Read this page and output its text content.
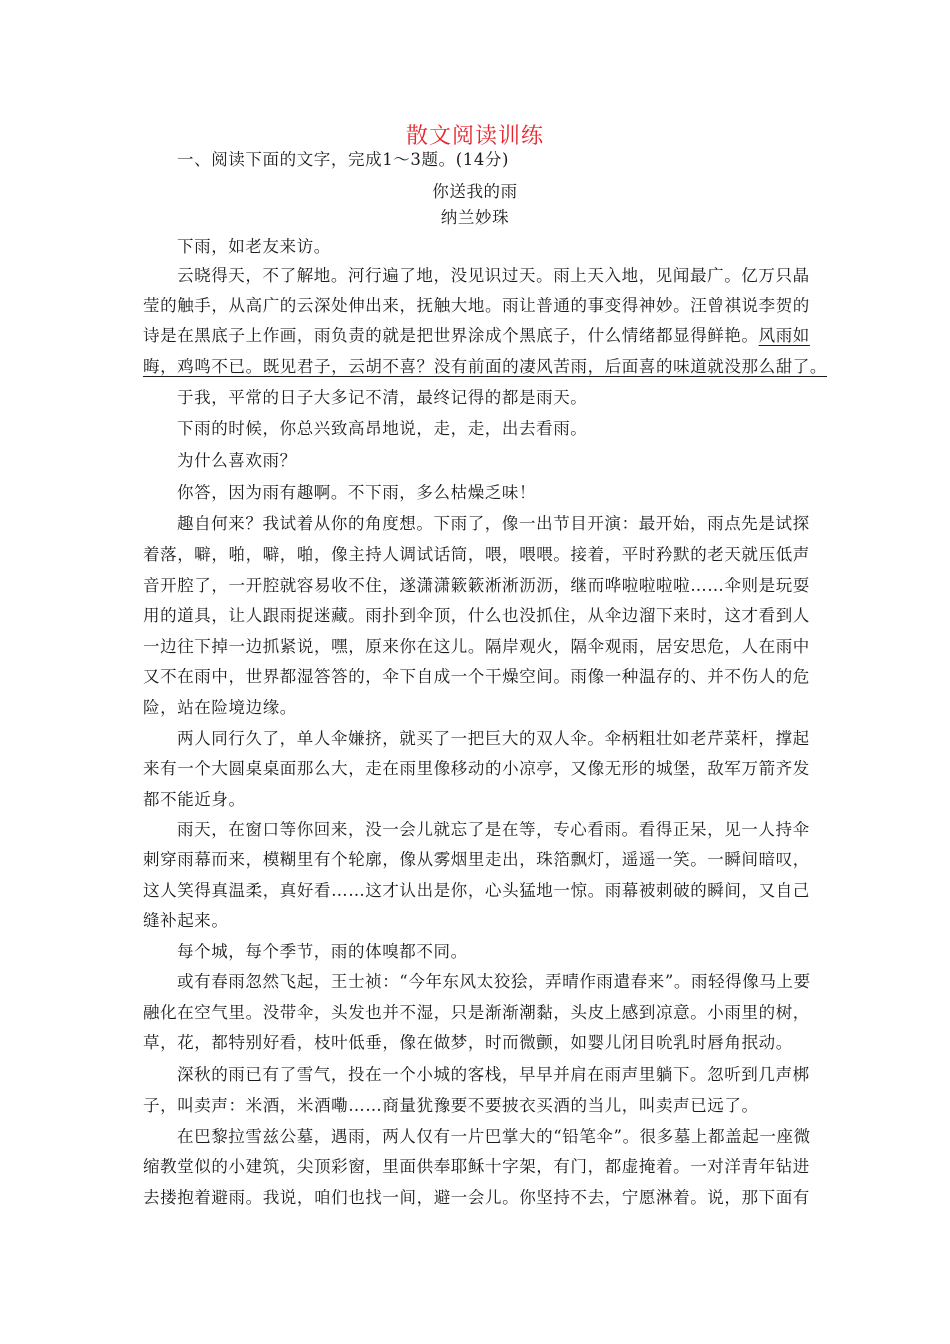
散文阅读训练
一、阅读下面的文字，完成1～3题。(14分)
你送我的雨
纳兰妙珠
下雨，如老友来访。
云晓得天，不了解地。河行遍了地，没见识过天。雨上天入地，见闻最广。亿万只晶
莹的触手，从高广的云深处伸出来，抚触大地。雨让普通的事变得神妙。汪曾祺说李贺的
诗是在黑底子上作画，雨负责的就是把世界涂成个黑底子，什么情绪都显得鲜艳。风雨如
晦，鸡鸣不已。既见君子，云胡不喜？没有前面的凄风苦雨，后面喜的味道就没那么甜了。
于我，平常的日子大多记不清，最终记得的都是雨天。
下雨的时候，你总兴致高昂地说，走，走，出去看雨。
为什么喜欢雨？
你答，因为雨有趣啊。不下雨，多么枯燥乏味！
趣自何来？我试着从你的角度想。下雨了，像一出节目开演：最开始，雨点先是试探
着落，噼，啪，噼，啪，像主持人调试话筒，喂，喂喂。接着，平时矜默的老天就压低声
音开腔了，一开腔就容易收不住，遂潇潇簌簌淅淅沥沥，继而哗啦啦啦啦……伞则是玩耍
用的道具，让人跟雨捉迷藏。雨扑到伞顶，什么也没抓住，从伞边溜下来时，这才看到人
一边往下掉一边抓紧说，嘿，原来你在这儿。隔岸观火，隔伞观雨，居安思危，人在雨中
又不在雨中，世界都湿答答的，伞下自成一个干燥空间。雨像一种温存的、并不伤人的危
险，站在险境边缘。
两人同行久了，单人伞嫌挤，就买了一把巨大的双人伞。伞柄粗壮如老芹菜杆，撑起
来有一个大圆桌桌面那么大，走在雨里像移动的小凉亭，又像无形的城堡，敌军万箭齐发
都不能近身。
雨天，在窗口等你回来，没一会儿就忘了是在等，专心看雨。看得正呆，见一人持伞
刺穿雨幕而来，模糊里有个轮廓，像从雾烟里走出，珠箔飘灯，遥遥一笑。一瞬间暗叹，
这人笑得真温柔，真好看……这才认出是你，心头猛地一惊。雨幕被刺破的瞬间，又自己
缝补起来。
每个城，每个季节，雨的体嗅都不同。
或有春雨忽然飞起，王士祯：“今年东风太狡狯，弄晴作雨遣春来”。雨轻得像马上要
融化在空气里。没带伞，头发也并不湿，只是渐渐潮黏，头皮上感到凉意。小雨里的树，
草，花，都特别好看，枝叶低垂，像在做梦，时而微颤，如婴儿闭目吮乳时唇角抿动。
深秋的雨已有了雪气，投在一个小城的客栈，早早并肩在雨声里躺下。忽听到几声梆
子，叫卖声：米酒，米酒嘞……商量犹豫要不要披衣买酒的当儿，叫卖声已远了。
在巴黎拉雪兹公墓，遇雨，两人仅有一片巴掌大的“铅笔伞”。很多墓上都盖起一座微
缩教堂似的小建筑，尖顶彩窗，里面供奉耶稣十字架，有门，都虚掩着。一对洋青年钻进
去搂抱着避雨。我说，咱们也找一间，避一会儿。你坚持不去，宁愿淋着。说，那下面有
